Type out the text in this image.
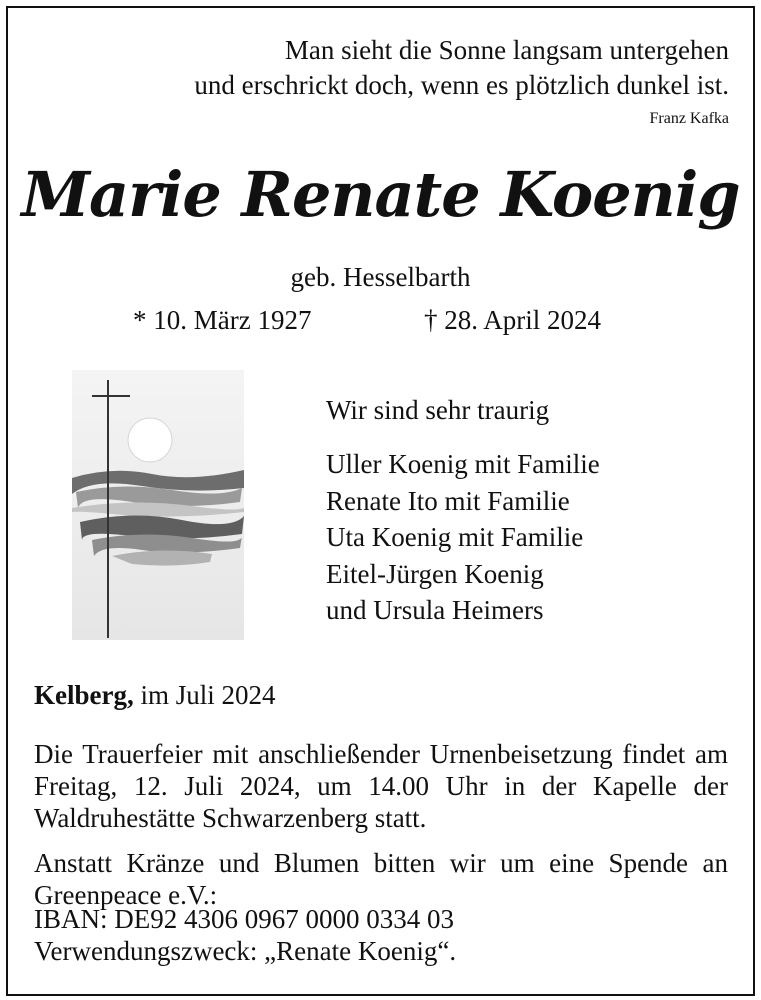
Man sieht die Sonne langsam untergehen

und erschrickt doch, wenn es plötzlich dunkel ist.

Franz Kafka

Marie Renate Koenig

geb. Hesselbarth

* 10. März 1927	† 28. April 2024

Wir sind sehr traurig

Uller Koenig mit Familie
Renate Ito mit Familie
Uta Koenig mit Familie
Eitel-Jürgen Koenig
und Ursula Heimers

Kelberg, im Juli 2024

Die Trauerfeier mit anschließender Urnenbeisetzung findet am Freitag, 12. Juli 2024, um 14.00 Uhr in der Kapelle der Waldruhestätte Schwarzenberg statt.

Anstatt Kränze und Blumen bitten wir um eine Spende an Greenpeace e.V.:

IBAN: DE92 4306 0967 0000 0334 03

Verwendungszweck: „Renate Koenig“.
